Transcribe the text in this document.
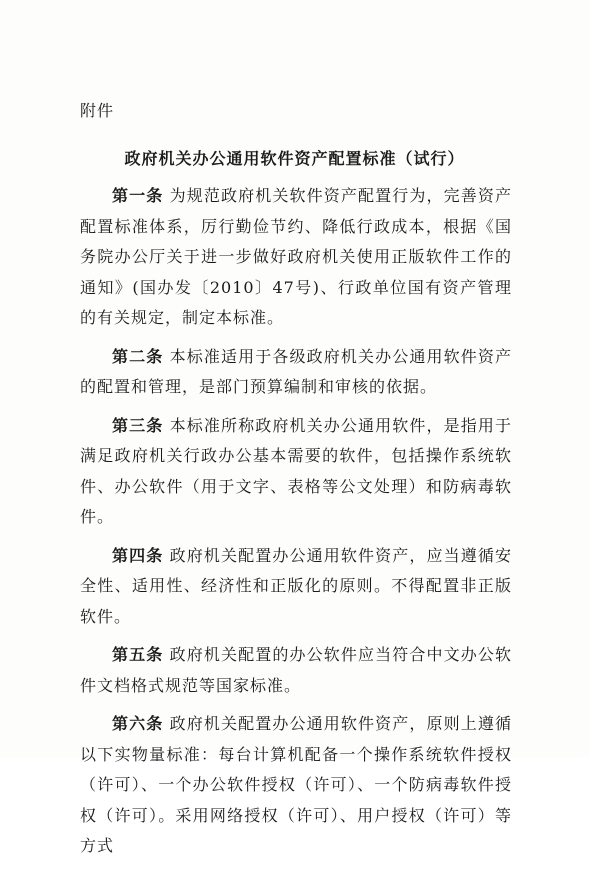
附件
政府机关办公通用软件资产配置标准（试行）

第一条 为规范政府机关软件资产配置行为，完善资产配置标准体系，厉行勤俭节约、降低行政成本，根据《国务院办公厅关于进一步做好政府机关使用正版软件工作的通知》(国办发〔2010〕47号)、行政单位国有资产管理的有关规定，制定本标准。

第二条 本标准适用于各级政府机关办公通用软件资产的配置和管理，是部门预算编制和审核的依据。

第三条 本标准所称政府机关办公通用软件，是指用于满足政府机关行政办公基本需要的软件，包括操作系统软件、办公软件（用于文字、表格等公文处理）和防病毒软件。

第四条 政府机关配置办公通用软件资产，应当遵循安全性、适用性、经济性和正版化的原则。不得配置非正版软件。

第五条 政府机关配置的办公软件应当符合中文办公软件文档格式规范等国家标准。

第六条 政府机关配置办公通用软件资产，原则上遵循以下实物量标准：每台计算机配备一个操作系统软件授权（许可）、一个办公软件授权（许可）、一个防病毒软件授权（许可）。采用网络授权（许可）、用户授权（许可）等方式
